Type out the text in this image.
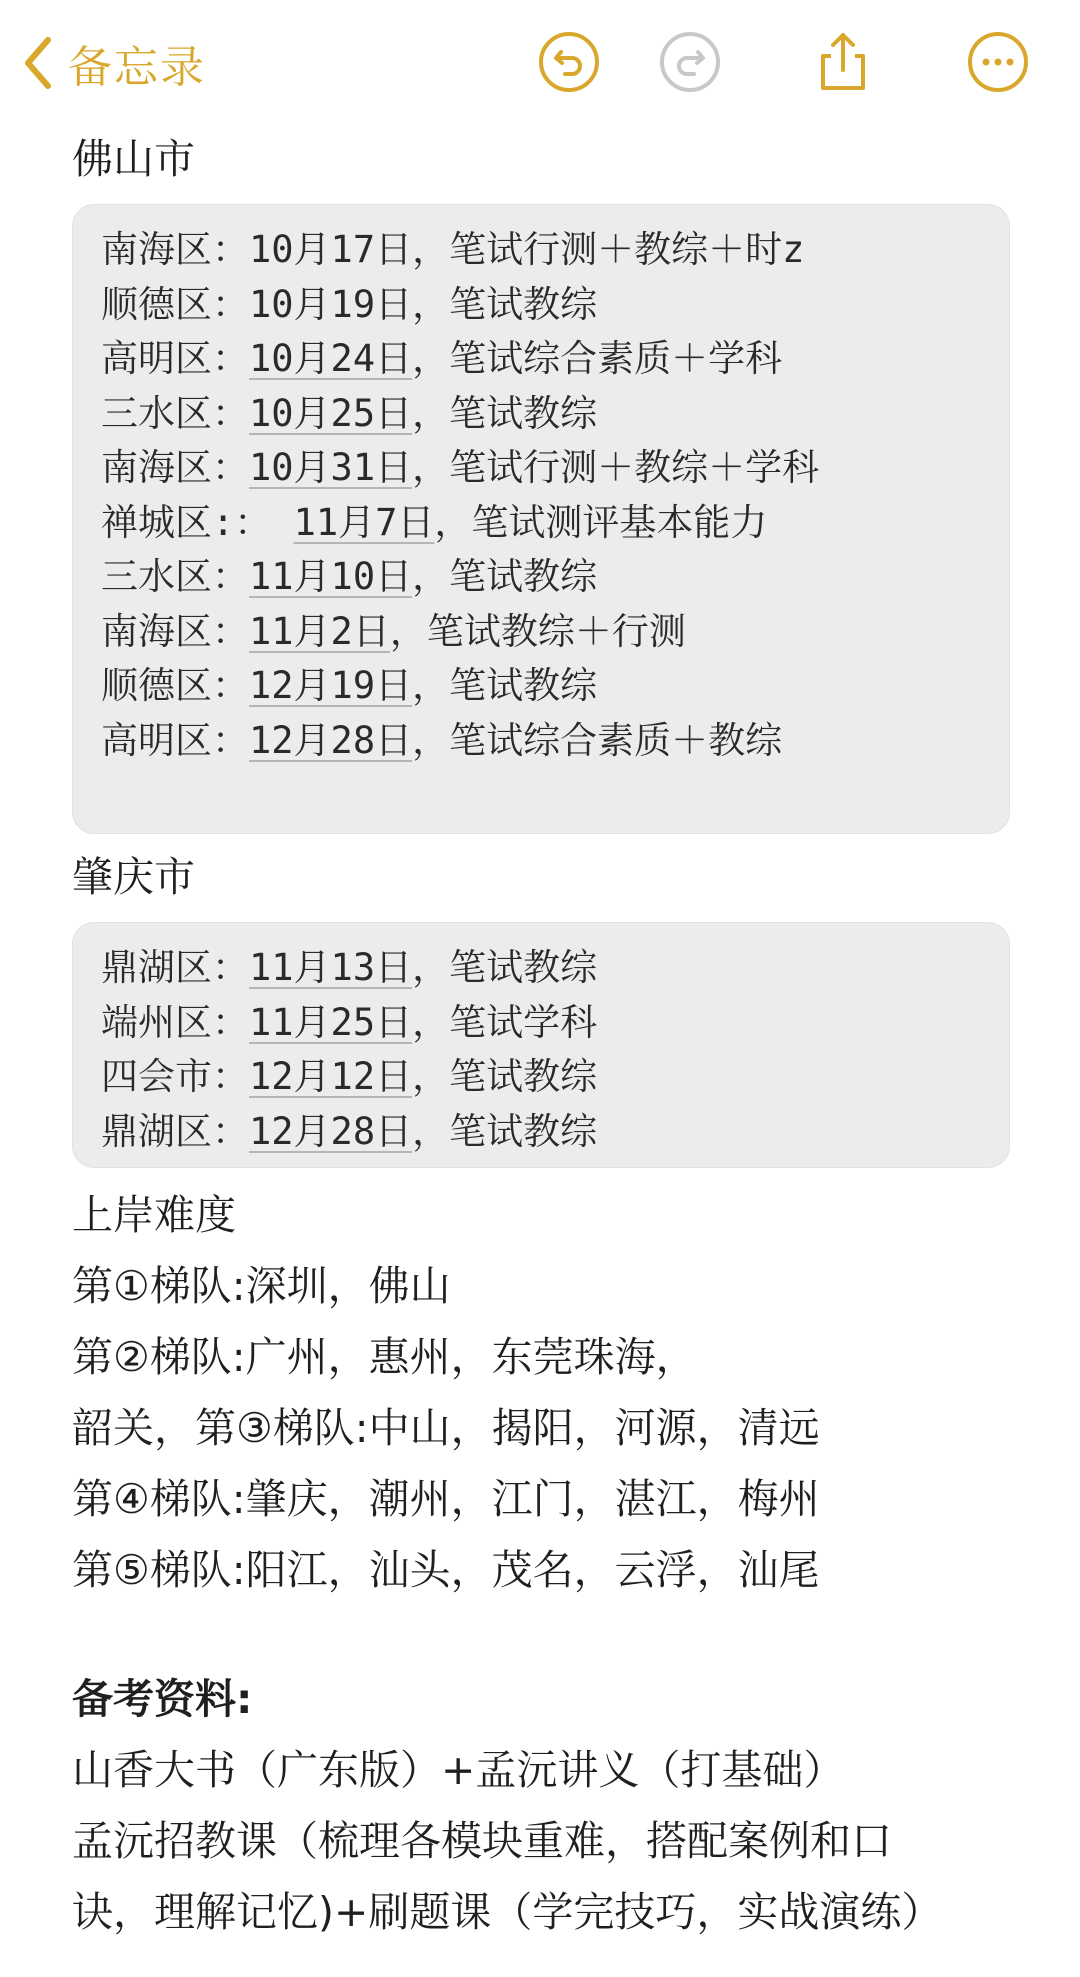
备忘录
佛山市
南海区：10月17日，笔试行测＋教综＋时z
顺德区：10月19日，笔试教综
高明区：10月24日，笔试综合素质＋学科
三水区：10月25日，笔试教综
南海区：10月31日，笔试行测＋教综＋学科
禅城区:： 11月7日，笔试测评基本能力
三水区：11月10日，笔试教综
南海区：11月2日，笔试教综＋行测
顺德区：12月19日，笔试教综
高明区：12月28日，笔试综合素质＋教综
肇庆市
鼎湖区：11月13日，笔试教综
端州区：11月25日，笔试学科
四会市：12月12日，笔试教综
鼎湖区：12月28日，笔试教综
上岸难度
第①梯队:深圳，佛山
第②梯队:广州，惠州，东莞珠海，
韶关，第③梯队:中山，揭阳，河源，清远
第④梯队:肇庆，潮州，江门，湛江，梅州
第⑤梯队:阳江，汕头，茂名，云浮，汕尾
备考资料:
山香大书（广东版）+孟沅讲义（打基础）
孟沅招教课（梳理各模块重难，搭配案例和口
诀，理解记忆)+刷题课（学完技巧，实战演练）
